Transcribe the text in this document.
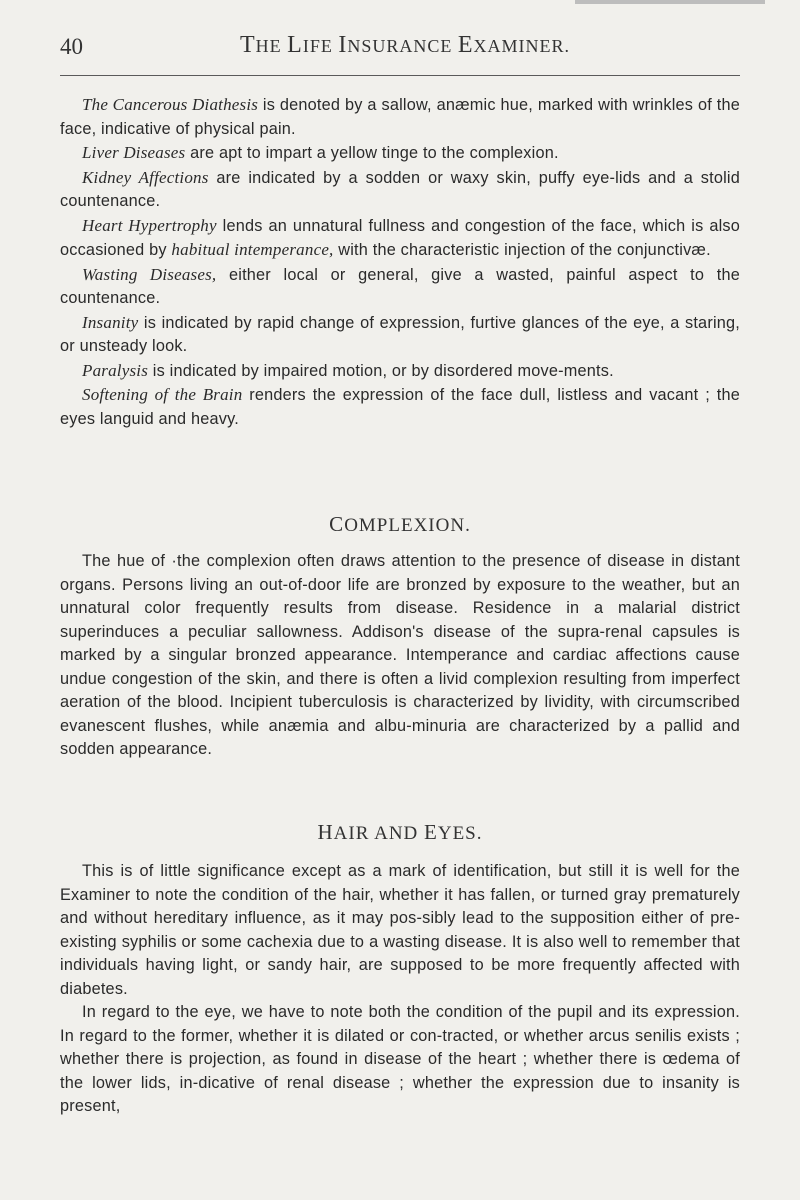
40	THE LIFE INSURANCE EXAMINER.

The Cancerous Diathesis is denoted by a sallow, anæmic hue, marked with wrinkles of the face, indicative of physical pain.

Liver Diseases are apt to impart a yellow tinge to the complexion.

Kidney Affections are indicated by a sodden or waxy skin, puffy eye-lids and a stolid countenance.

Heart Hypertrophy lends an unnatural fullness and congestion of the face, which is also occasioned by habitual intemperance, with the characteristic injection of the conjunctivæ.

Wasting Diseases, either local or general, give a wasted, painful aspect to the countenance.

Insanity is indicated by rapid change of expression, furtive glances of the eye, a staring, or unsteady look.

Paralysis is indicated by impaired motion, or by disordered move-ments.

Softening of the Brain renders the expression of the face dull, listless and vacant ; the eyes languid and heavy.

COMPLEXION.

The hue of ·the complexion often draws attention to the presence of disease in distant organs. Persons living an out-of-door life are bronzed by exposure to the weather, but an unnatural color frequently results from disease. Residence in a malarial district superinduces a peculiar sallowness. Addison's disease of the supra-renal capsules is marked by a singular bronzed appearance. Intemperance and cardiac affections cause undue congestion of the skin, and there is often a livid complexion resulting from imperfect aeration of the blood. Incipient tuberculosis is characterized by lividity, with circumscribed evanescent flushes, while anæmia and albu-minuria are characterized by a pallid and sodden appearance.

HAIR AND EYES.

This is of little significance except as a mark of identification, but still it is well for the Examiner to note the condition of the hair, whether it has fallen, or turned gray prematurely and without hereditary influence, as it may pos-sibly lead to the supposition either of pre-existing syphilis or some cachexia due to a wasting disease. It is also well to remember that individuals having light, or sandy hair, are supposed to be more frequently affected with diabetes.

In regard to the eye, we have to note both the condition of the pupil and its expression. In regard to the former, whether it is dilated or con-tracted, or whether arcus senilis exists ; whether there is projection, as found in disease of the heart ; whether there is œdema of the lower lids, in-dicative of renal disease ; whether the expression due to insanity is present,
